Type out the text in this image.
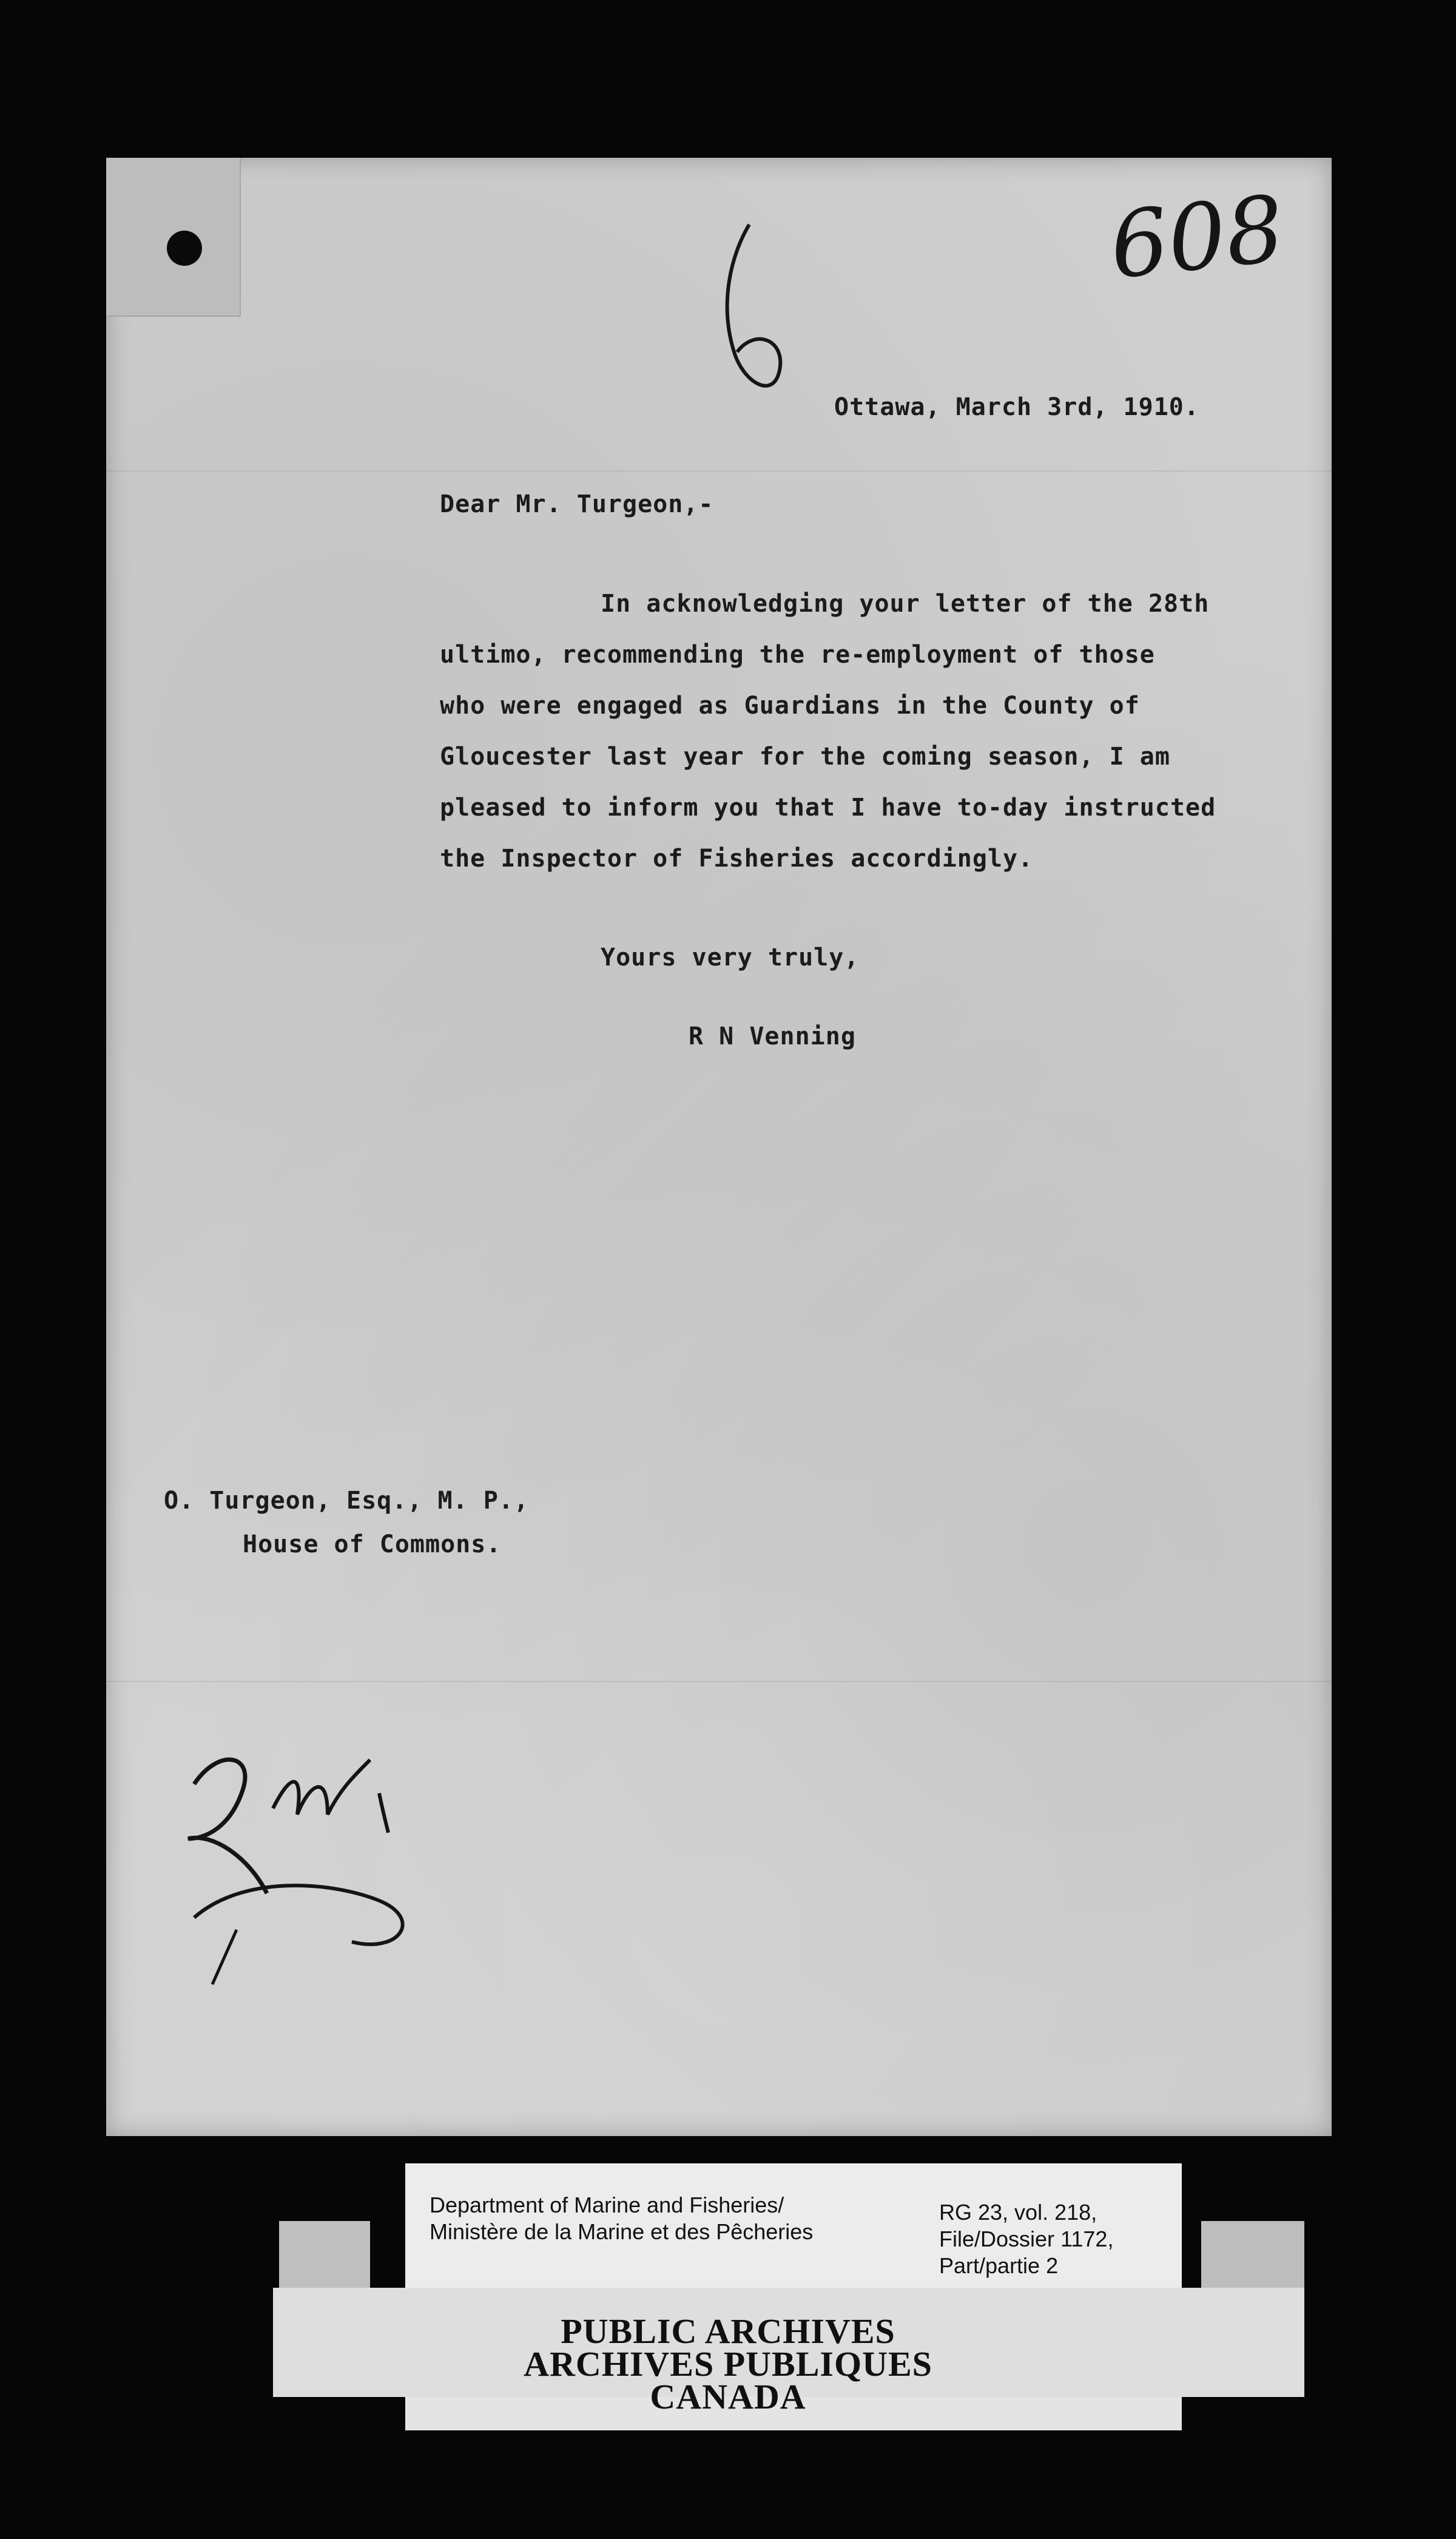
608
Ottawa, March 3rd, 1910.
Dear Mr. Turgeon,-
In acknowledging your letter of the 28th
ultimo, recommending the re-employment of those
who were engaged as Guardians in the County of
Gloucester last year for the coming season, I am
pleased to inform you that I have to-day instructed
the Inspector of Fisheries accordingly.
Yours very truly,
R N Venning
O. Turgeon, Esq., M. P.,
House of Commons.
Department of Marine and Fisheries/
Ministère de la Marine et des Pêcheries
RG 23, vol. 218,
File/Dossier 1172,
Part/partie 2
PUBLIC ARCHIVES
ARCHIVES PUBLIQUES
CANADA
